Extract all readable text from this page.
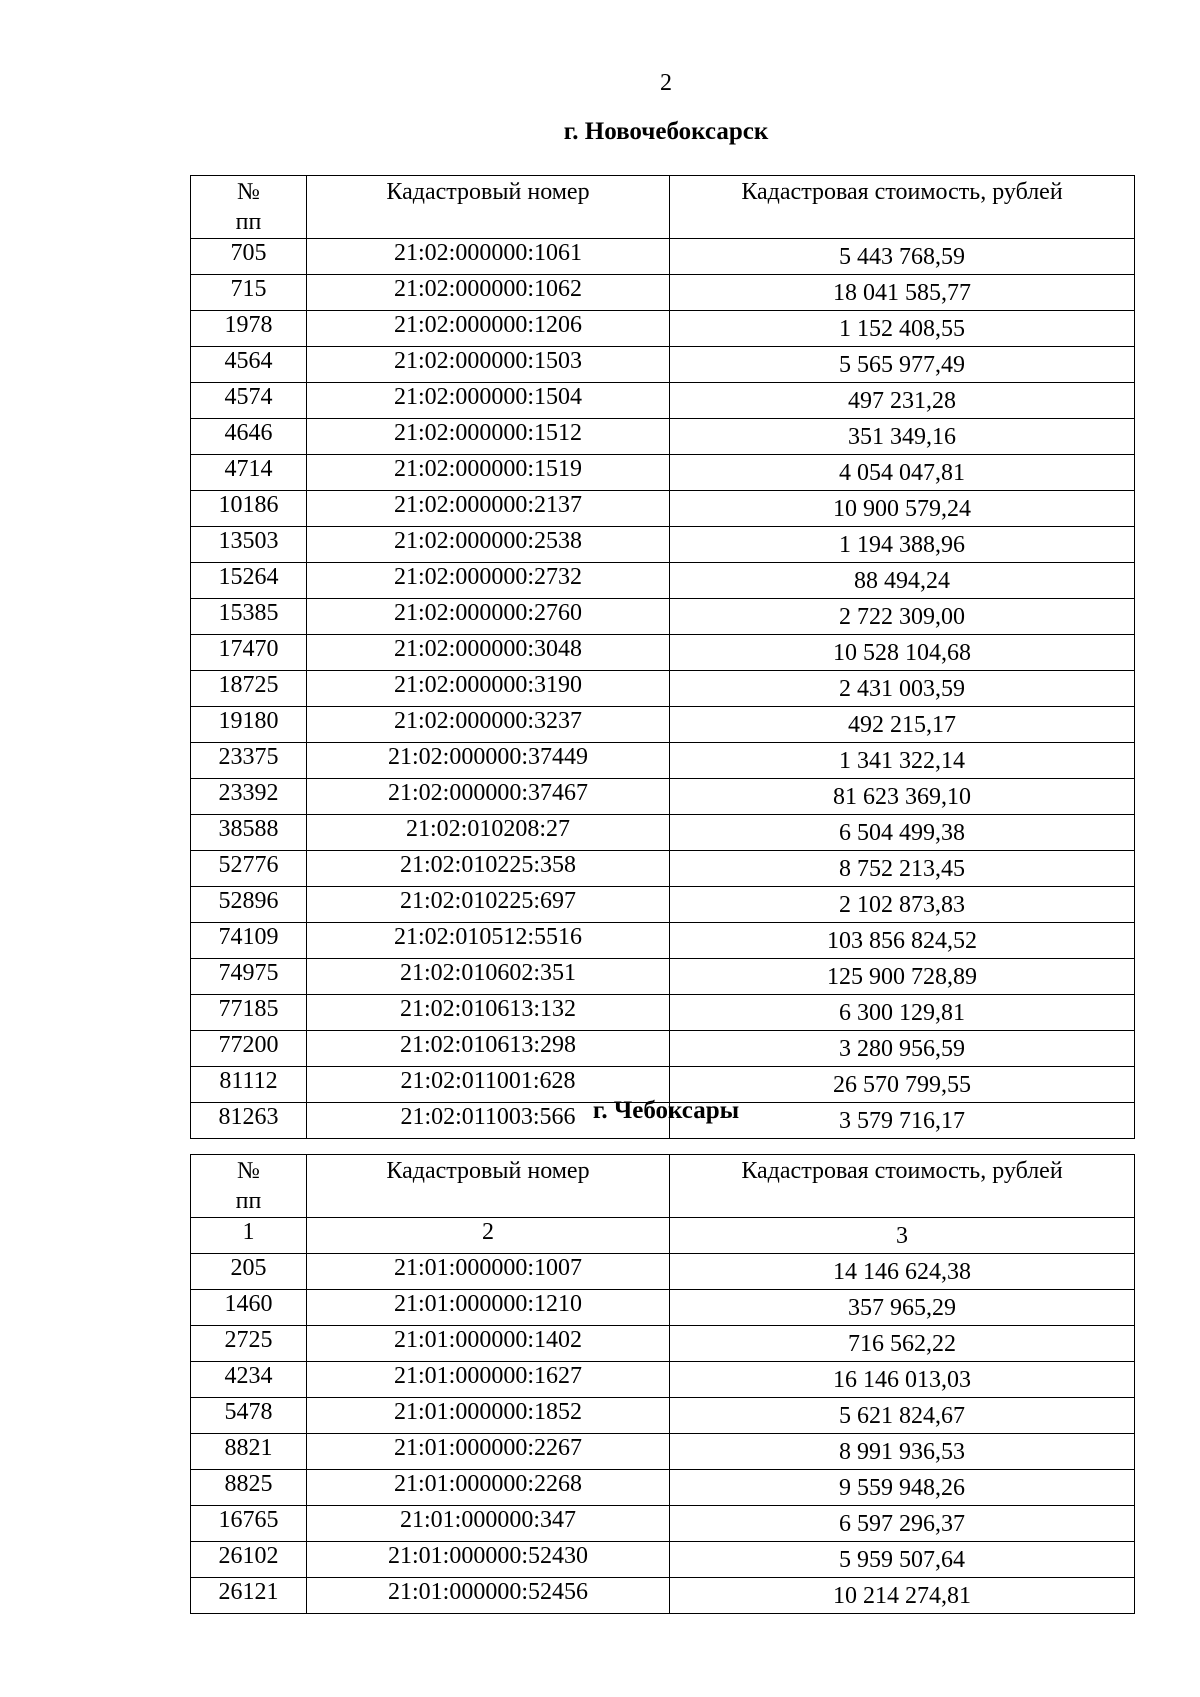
2
г. Новочебоксарск
№
пп	Кадастровый номер	Кадастровая стоимость, рублей
705	21:02:000000:1061	5 443 768,59
715	21:02:000000:1062	18 041 585,77
1978	21:02:000000:1206	1 152 408,55
4564	21:02:000000:1503	5 565 977,49
4574	21:02:000000:1504	497 231,28
4646	21:02:000000:1512	351 349,16
4714	21:02:000000:1519	4 054 047,81
10186	21:02:000000:2137	10 900 579,24
13503	21:02:000000:2538	1 194 388,96
15264	21:02:000000:2732	88 494,24
15385	21:02:000000:2760	2 722 309,00
17470	21:02:000000:3048	10 528 104,68
18725	21:02:000000:3190	2 431 003,59
19180	21:02:000000:3237	492 215,17
23375	21:02:000000:37449	1 341 322,14
23392	21:02:000000:37467	81 623 369,10
38588	21:02:010208:27	6 504 499,38
52776	21:02:010225:358	8 752 213,45
52896	21:02:010225:697	2 102 873,83
74109	21:02:010512:5516	103 856 824,52
74975	21:02:010602:351	125 900 728,89
77185	21:02:010613:132	6 300 129,81
77200	21:02:010613:298	3 280 956,59
81112	21:02:011001:628	26 570 799,55
81263	21:02:011003:566	3 579 716,17
г. Чебоксары
№
пп	Кадастровый номер	Кадастровая стоимость, рублей
1	2	3
205	21:01:000000:1007	14 146 624,38
1460	21:01:000000:1210	357 965,29
2725	21:01:000000:1402	716 562,22
4234	21:01:000000:1627	16 146 013,03
5478	21:01:000000:1852	5 621 824,67
8821	21:01:000000:2267	8 991 936,53
8825	21:01:000000:2268	9 559 948,26
16765	21:01:000000:347	6 597 296,37
26102	21:01:000000:52430	5 959 507,64
26121	21:01:000000:52456	10 214 274,81
